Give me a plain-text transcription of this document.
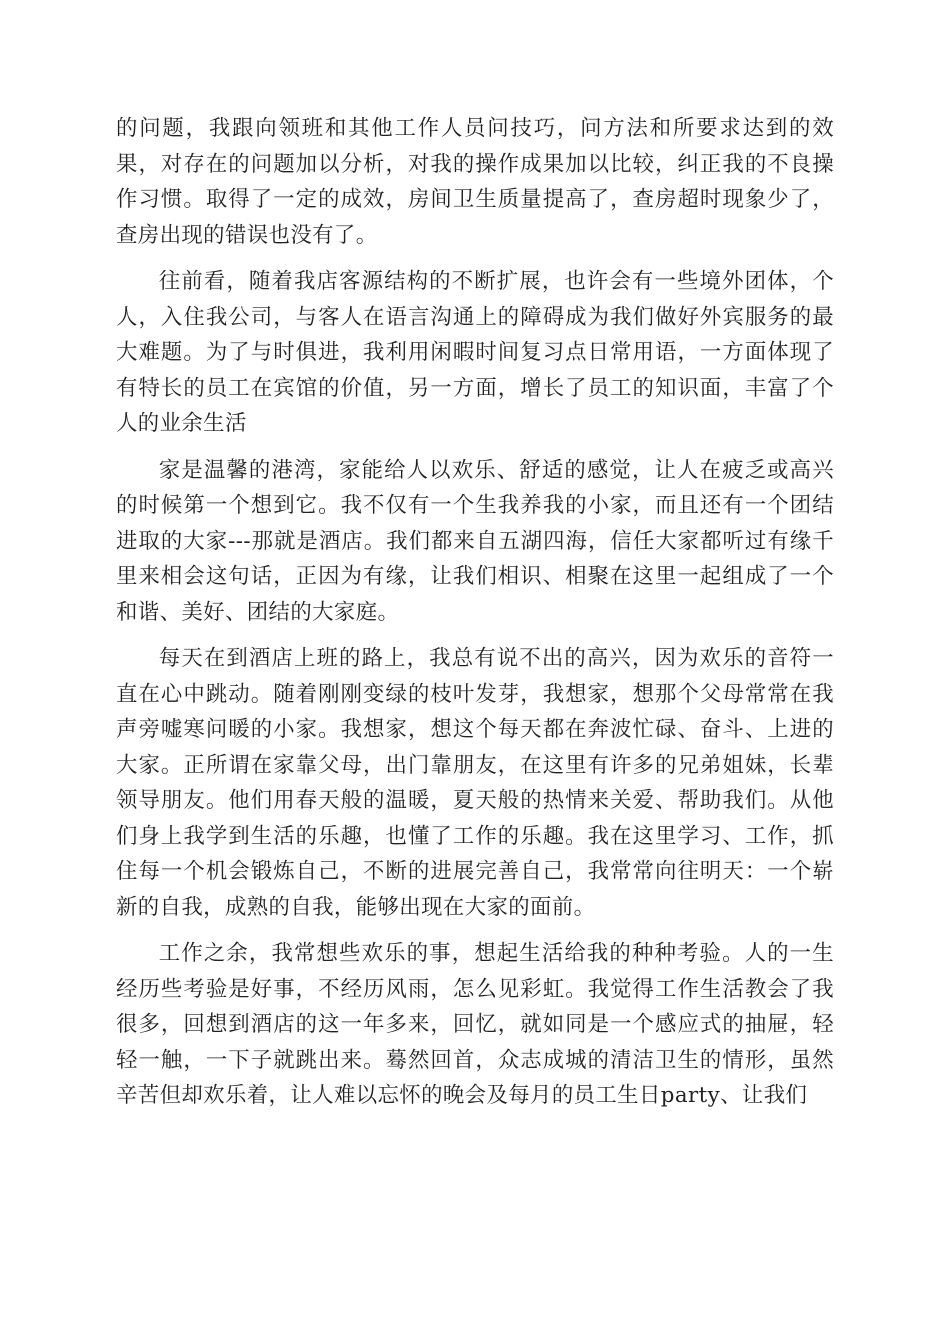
的问题，我跟向领班和其他工作人员问技巧，问方法和所要求达到的效果，对存在的问题加以分析，对我的操作成果加以比较，纠正我的不良操作习惯。取得了一定的成效，房间卫生质量提高了，查房超时现象少了，查房出现的错误也没有了。

往前看，随着我店客源结构的不断扩展，也许会有一些境外团体，个人，入住我公司，与客人在语言沟通上的障碍成为我们做好外宾服务的最大难题。为了与时俱进，我利用闲暇时间复习点日常用语，一方面体现了有特长的员工在宾馆的价值，另一方面，增长了员工的知识面，丰富了个人的业余生活

家是温馨的港湾，家能给人以欢乐、舒适的感觉，让人在疲乏或高兴的时候第一个想到它。我不仅有一个生我养我的小家，而且还有一个团结进取的大家---那就是酒店。我们都来自五湖四海，信任大家都听过有缘千里来相会这句话，正因为有缘，让我们相识、相聚在这里一起组成了一个和谐、美好、团结的大家庭。

每天在到酒店上班的路上，我总有说不出的高兴，因为欢乐的音符一直在心中跳动。随着刚刚变绿的枝叶发芽，我想家，想那个父母常常在我声旁嘘寒问暖的小家。我想家，想这个每天都在奔波忙碌、奋斗、上进的大家。正所谓在家靠父母，出门靠朋友，在这里有许多的兄弟姐妹，长辈领导朋友。他们用春天般的温暖，夏天般的热情来关爱、帮助我们。从他们身上我学到生活的乐趣，也懂了工作的乐趣。我在这里学习、工作，抓住每一个机会锻炼自己，不断的进展完善自己，我常常向往明天：一个崭新的自我，成熟的自我，能够出现在大家的面前。

工作之余，我常想些欢乐的事，想起生活给我的种种考验。人的一生经历些考验是好事，不经历风雨，怎么见彩虹。我觉得工作生活教会了我很多，回想到酒店的这一年多来，回忆，就如同是一个感应式的抽屉，轻轻一触，一下子就跳出来。蓦然回首，众志成城的清洁卫生的情形，虽然辛苦但却欢乐着，让人难以忘怀的晚会及每月的员工生日party、让我们
